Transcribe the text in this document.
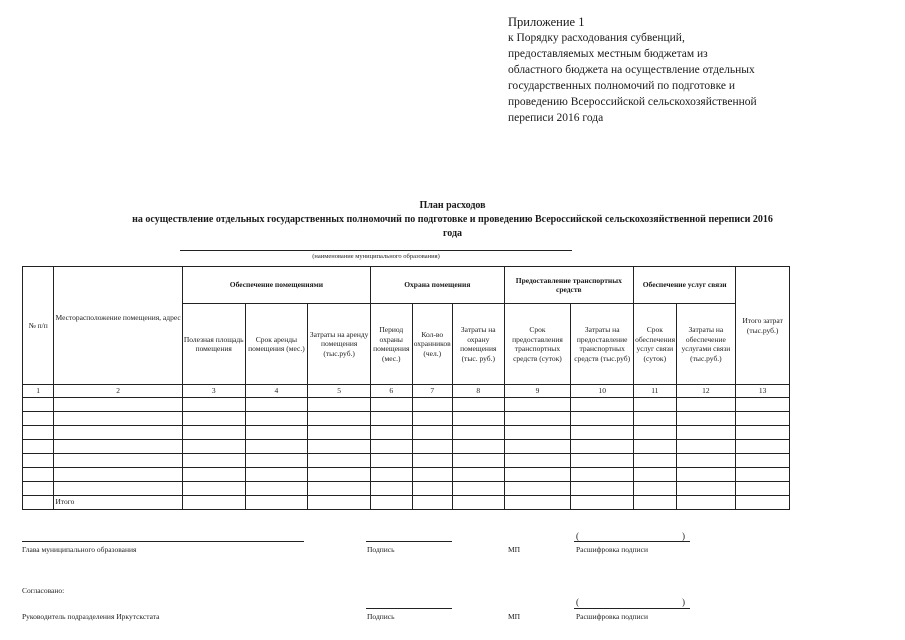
Приложение 1
к Порядку расходования субвенций,
предоставляемых местным бюджетам из
областного бюджета на осуществление отдельных
государственных полномочий по подготовке и
проведению Всероссийской сельскохозяйственной
переписи 2016 года
План расходов
на осуществление отдельных государственных полномочий по подготовке и проведению Всероссийской сельскохозяйственной переписи 2016
года
(наименование муниципального образования)
№ п/п	Месторасположение помещения, адрес	Обеспечение помещениями			Охрана помещения			Предоставление транспортных средств		Обеспечение услуг связи		Итого затрат (тыс.руб.)
		Полезная площадь помещения	Срок аренды помещения (мес.)	Затраты на аренду помещения (тыс.руб.)	Период охраны помещения (мес.)	Кол-во охранников (чел.)	Затраты на охрану помещения (тыс. руб.)	Срок предоставления транспортных средств (суток)	Затраты на предоставление транспортных средств (тыс.руб)	Срок обеспечения услуг связи (суток)	Затраты на обеспечение услугами связи (тыс.руб.)	
1	2	3	4	5	6	7	8	9	10	11	12	13

	Итого											
Глава муниципального образования	Подпись	МП
(	)
Расшифровка подписи
Согласовано:
Руководитель подразделения Иркутскстата	Подпись	МП
(	)
Расшифровка подписи
